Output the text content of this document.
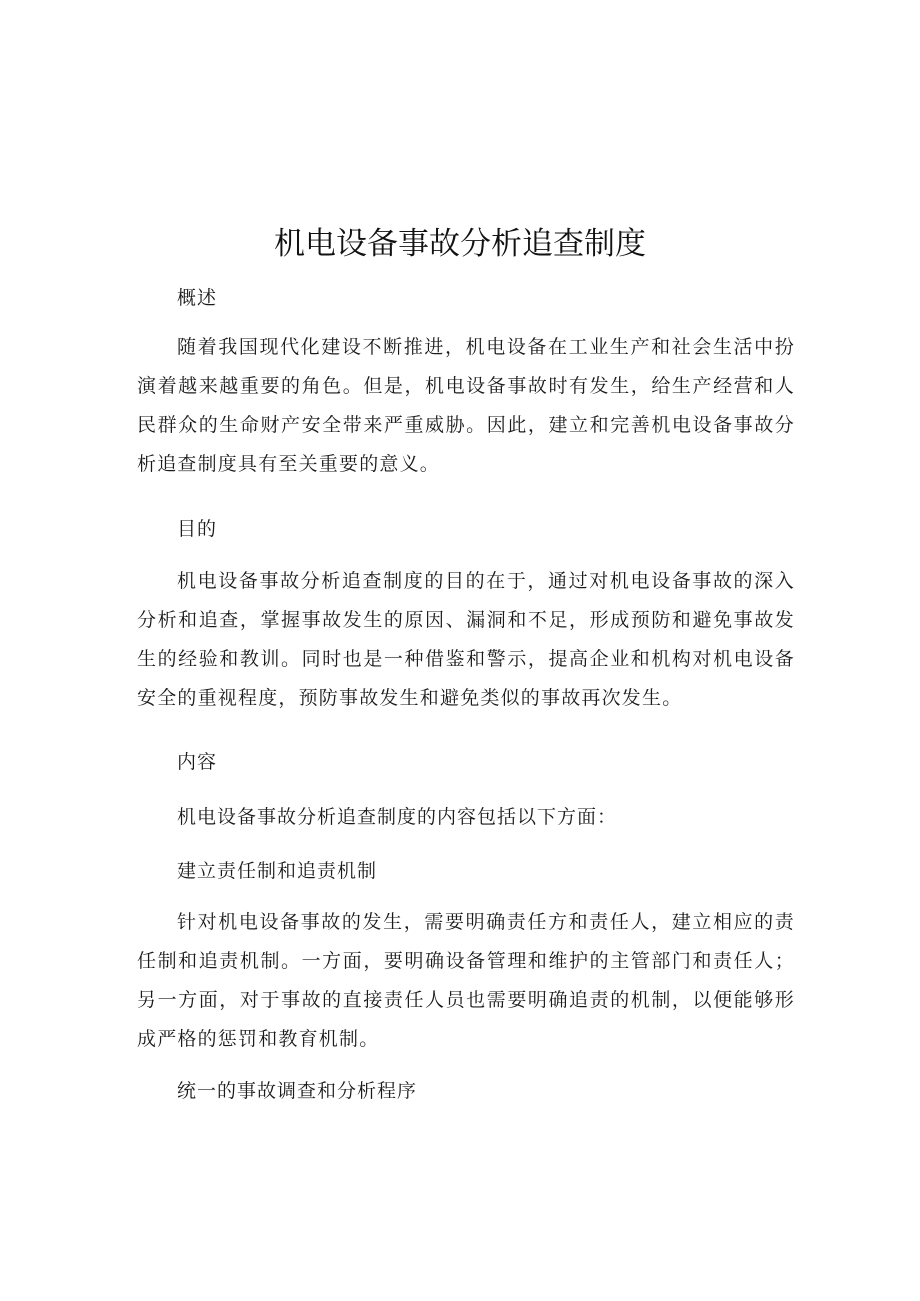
机电设备事故分析追查制度
概述

随着我国现代化建设不断推进，机电设备在工业生产和社会生活中扮演着越来越重要的角色。但是，机电设备事故时有发生，给生产经营和人民群众的生命财产安全带来严重威胁。因此，建立和完善机电设备事故分析追查制度具有至关重要的意义。

目的

机电设备事故分析追查制度的目的在于，通过对机电设备事故的深入分析和追查，掌握事故发生的原因、漏洞和不足，形成预防和避免事故发生的经验和教训。同时也是一种借鉴和警示，提高企业和机构对机电设备安全的重视程度，预防事故发生和避免类似的事故再次发生。

内容
机电设备事故分析追查制度的内容包括以下方面：
建立责任制和追责机制

针对机电设备事故的发生，需要明确责任方和责任人，建立相应的责任制和追责机制。一方面，要明确设备管理和维护的主管部门和责任人；另一方面，对于事故的直接责任人员也需要明确追责的机制，以便能够形成严格的惩罚和教育机制。

统一的事故调查和分析程序
